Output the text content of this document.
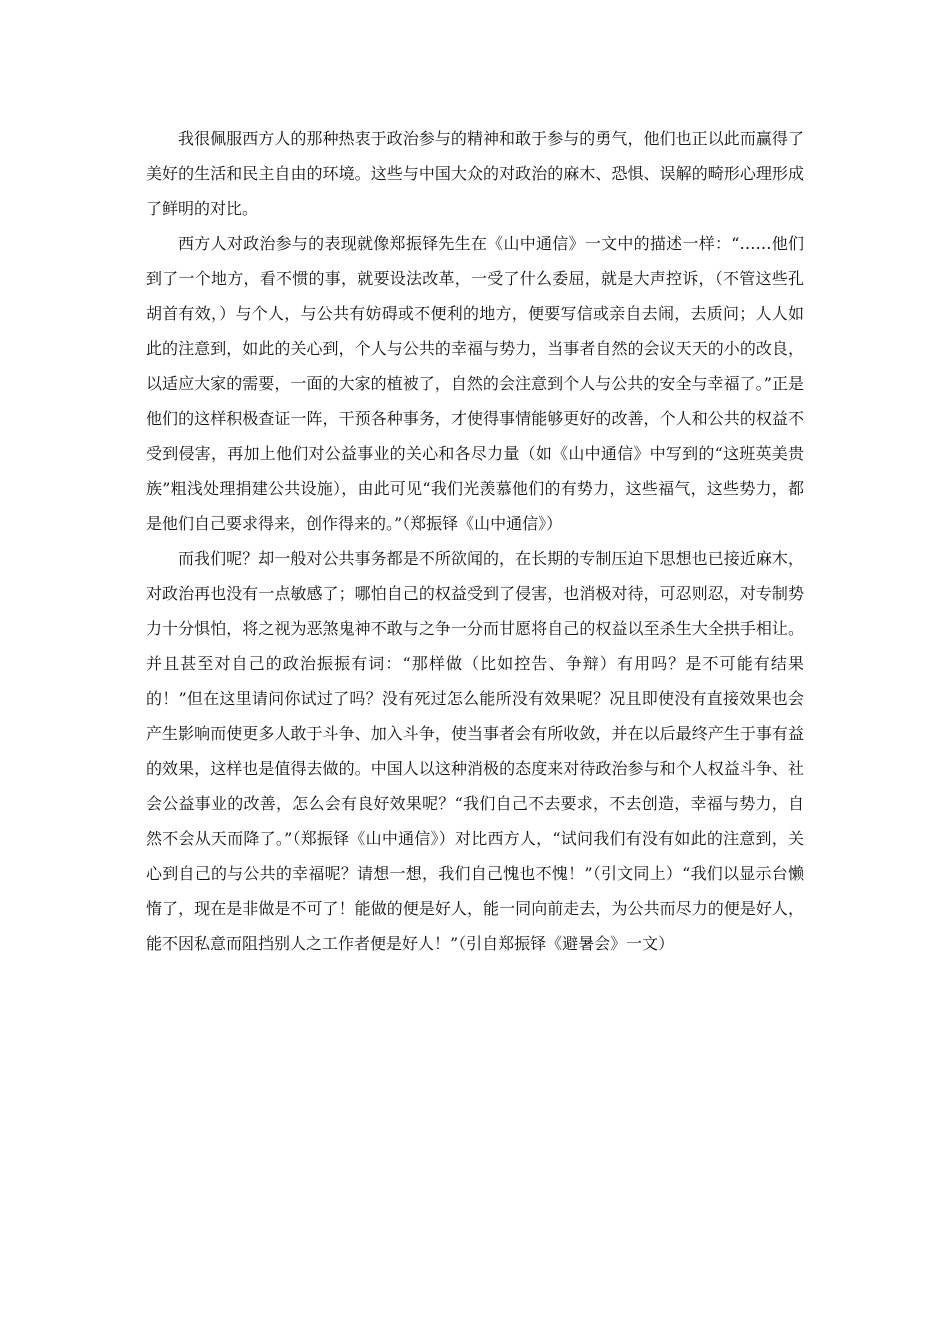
我很佩服西方人的那种热衷于政治参与的精神和敢于参与的勇气，他们也正以此而赢得了美好的生活和民主自由的环境。这些与中国大众的对政治的麻木、恐惧、误解的畸形心理形成了鲜明的对比。

西方人对政治参与的表现就像郑振铎先生在《山中通信》一文中的描述一样：“……他们到了一个地方，看不惯的事，就要设法改革，一受了什么委屈，就是大声控诉，（不管这些孔胡首有效，）与个人，与公共有妨碍或不便利的地方，便要写信或亲自去闹，去质问；人人如此的注意到，如此的关心到，个人与公共的幸福与势力，当事者自然的会议天天的小的改良，以适应大家的需要，一面的大家的植被了，自然的会注意到个人与公共的安全与幸福了。”正是他们的这样积极查证一阵，干预各种事务，才使得事情能够更好的改善，个人和公共的权益不受到侵害，再加上他们对公益事业的关心和各尽力量（如《山中通信》中写到的“这班英美贵族”粗浅处理捐建公共设施），由此可见“我们光羡慕他们的有势力，这些福气，这些势力，都是他们自己要求得来，创作得来的。”（郑振铎《山中通信》）

而我们呢？却一般对公共事务都是不所欲闻的，在长期的专制压迫下思想也已接近麻木，对政治再也没有一点敏感了；哪怕自己的权益受到了侵害，也消极对待，可忍则忍，对专制势力十分惧怕，将之视为恶煞鬼神不敢与之争一分而甘愿将自己的权益以至杀生大全拱手相让。并且甚至对自己的政治振振有词：“那样做（比如控告、争辩）有用吗？是不可能有结果的！”但在这里请问你试过了吗？没有死过怎么能所没有效果呢？况且即使没有直接效果也会产生影响而使更多人敢于斗争、加入斗争，使当事者会有所收敛，并在以后最终产生于事有益的效果，这样也是值得去做的。中国人以这种消极的态度来对待政治参与和个人权益斗争、社会公益事业的改善，怎么会有良好效果呢？“我们自己不去要求，不去创造，幸福与势力，自然不会从天而降了。”（郑振铎《山中通信》）对比西方人，“试问我们有没有如此的注意到，关心到自己的与公共的幸福呢？请想一想，我们自己愧也不愧！”（引文同上）“我们以显示台懒惰了，现在是非做是不可了！能做的便是好人，能一同向前走去，为公共而尽力的便是好人，能不因私意而阻挡别人之工作者便是好人！”（引自郑振铎《避暑会》一文）
